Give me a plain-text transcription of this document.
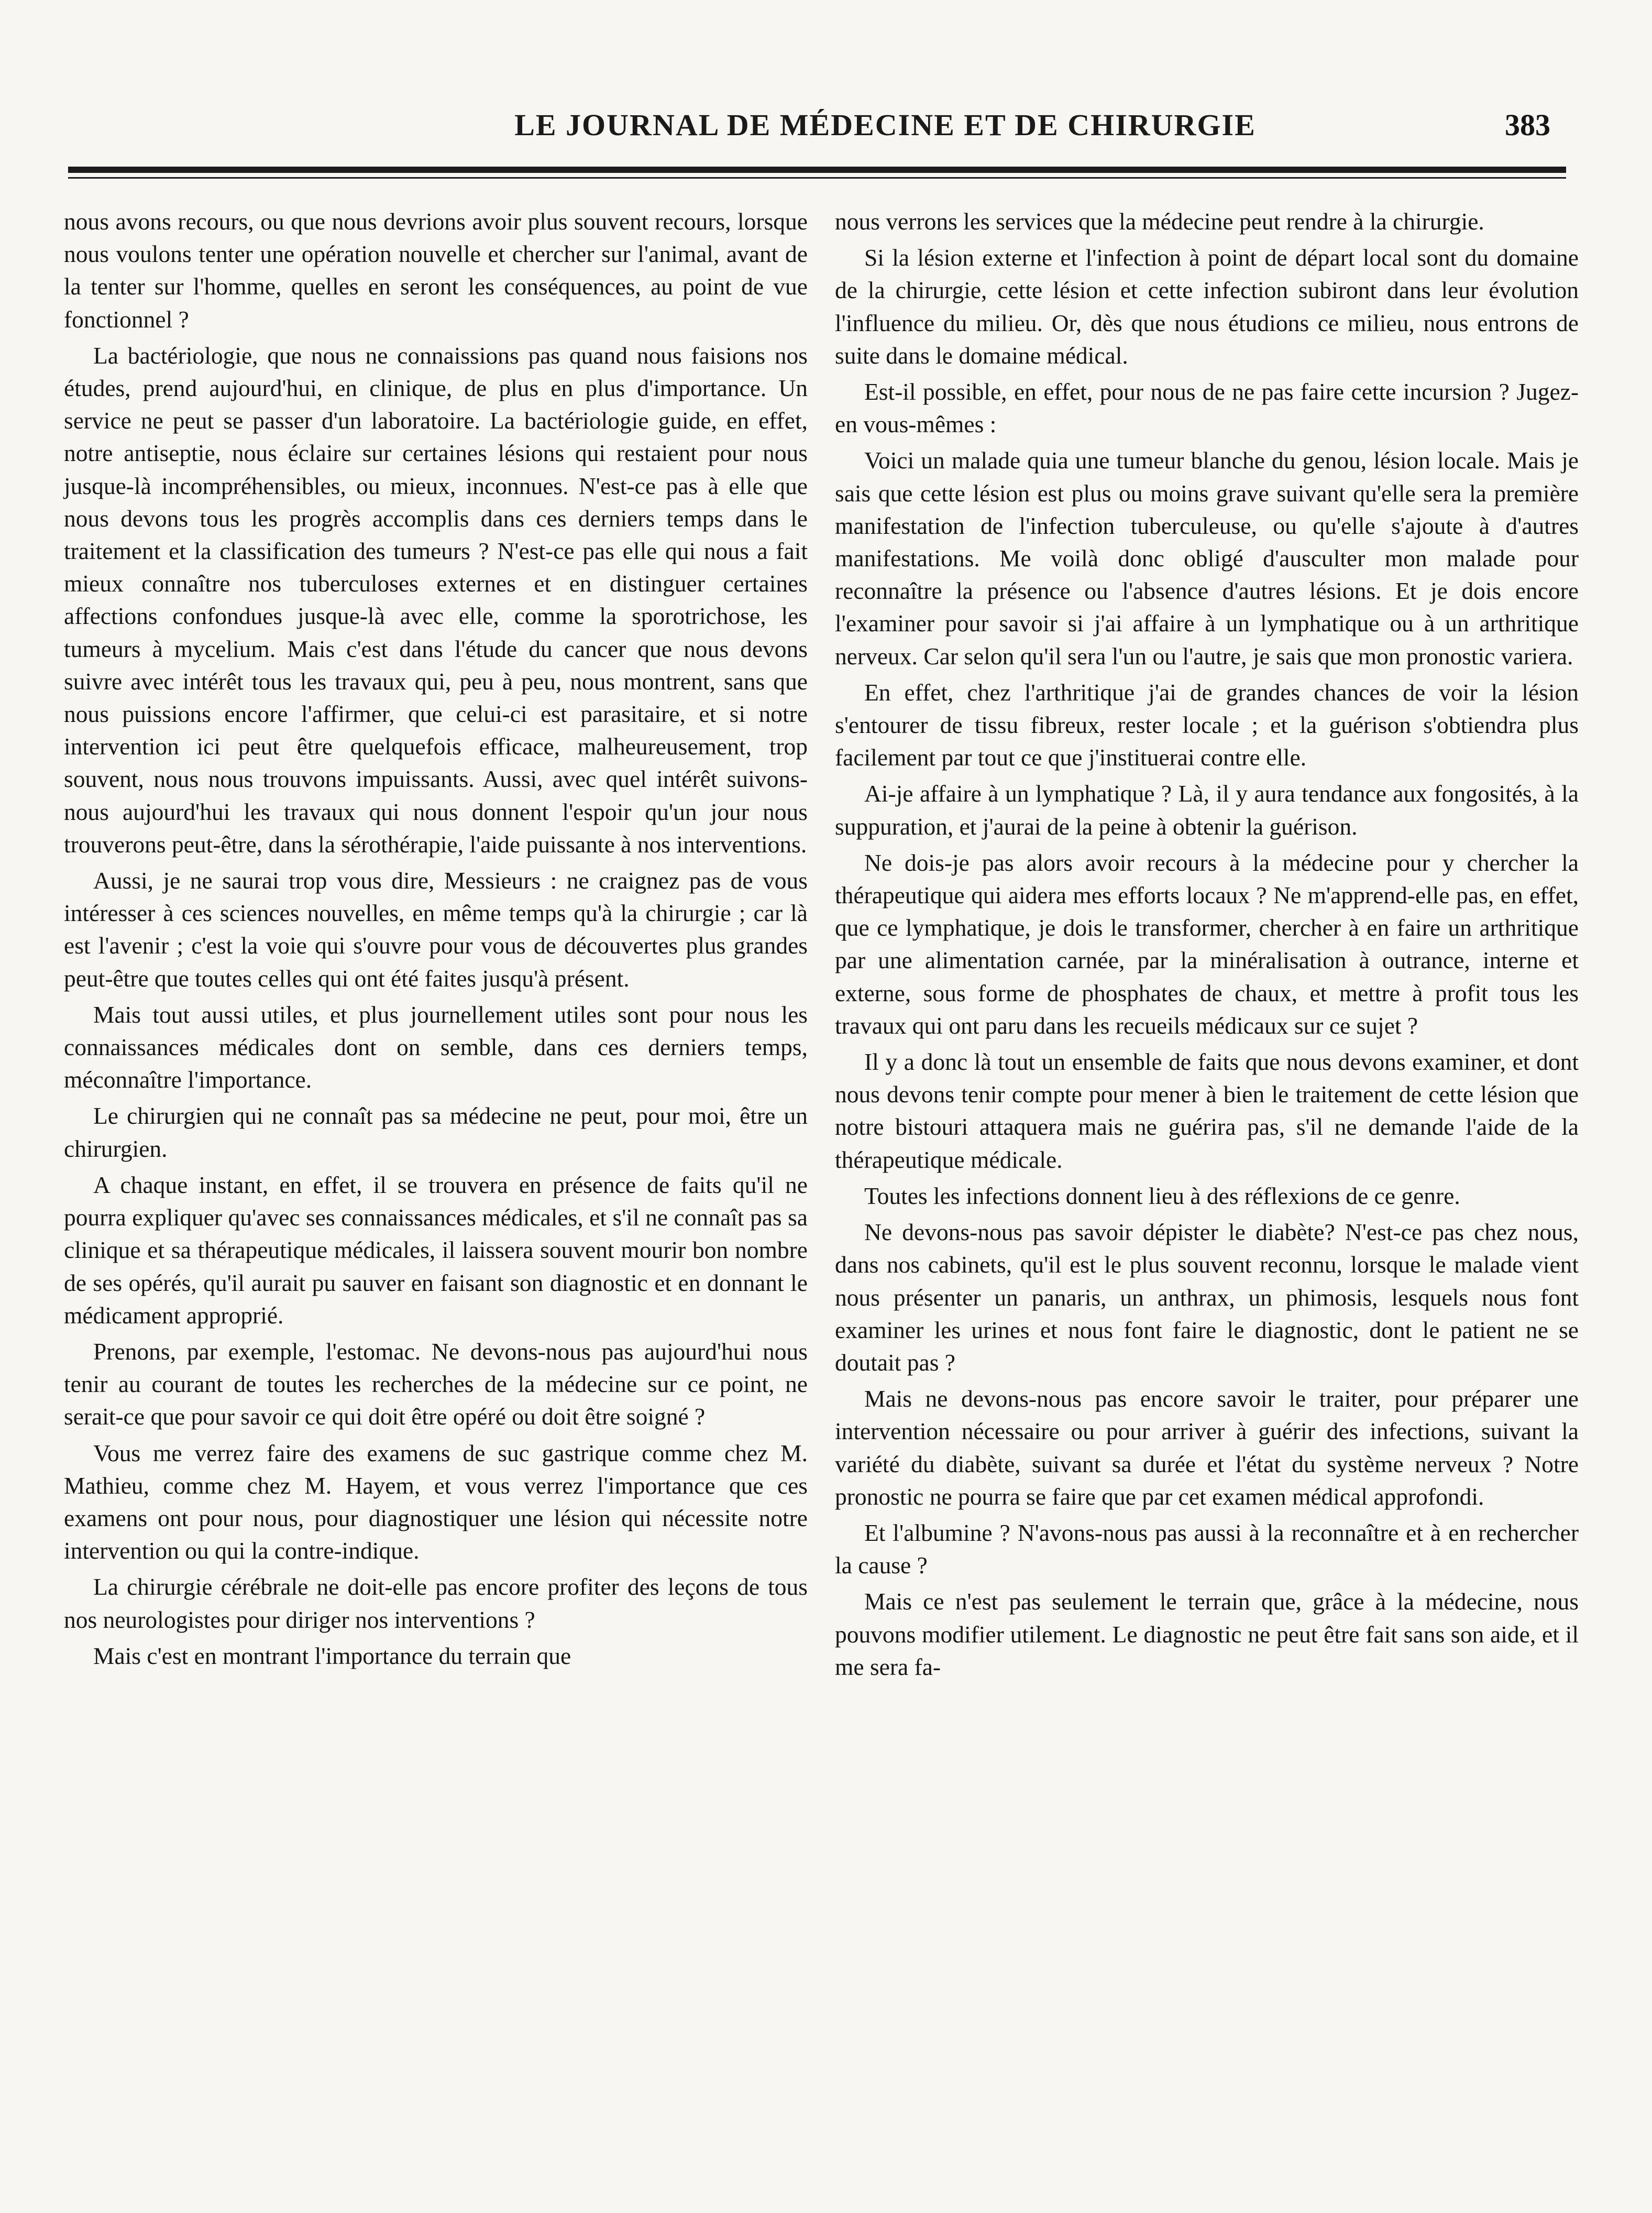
LE JOURNAL DE MÉDECINE ET DE CHIRURGIE	383

nous avons recours, ou que nous devrions avoir plus souvent recours, lorsque nous voulons tenter une opération nouvelle et chercher sur l'animal, avant de la tenter sur l'homme, quelles en seront les conséquences, au point de vue fonctionnel ?

La bactériologie, que nous ne connaissions pas quand nous faisions nos études, prend aujourd'hui, en clinique, de plus en plus d'importance. Un service ne peut se passer d'un laboratoire. La bactériologie guide, en effet, notre antiseptie, nous éclaire sur certaines lésions qui restaient pour nous jusque-là incompréhensibles, ou mieux, inconnues. N'est-ce pas à elle que nous devons tous les progrès accomplis dans ces derniers temps dans le traitement et la classification des tumeurs ? N'est-ce pas elle qui nous a fait mieux connaître nos tuberculoses externes et en distinguer certaines affections confondues jusque-là avec elle, comme la sporotrichose, les tumeurs à mycelium. Mais c'est dans l'étude du cancer que nous devons suivre avec intérêt tous les travaux qui, peu à peu, nous montrent, sans que nous puissions encore l'affirmer, que celui-ci est parasitaire, et si notre intervention ici peut être quelquefois efficace, malheureusement, trop souvent, nous nous trouvons impuissants. Aussi, avec quel intérêt suivons-nous aujourd'hui les travaux qui nous donnent l'espoir qu'un jour nous trouverons peut-être, dans la sérothérapie, l'aide puissante à nos interventions.

Aussi, je ne saurai trop vous dire, Messieurs : ne craignez pas de vous intéresser à ces sciences nouvelles, en même temps qu'à la chirurgie ; car là est l'avenir ; c'est la voie qui s'ouvre pour vous de découvertes plus grandes peut-être que toutes celles qui ont été faites jusqu'à présent.

Mais tout aussi utiles, et plus journellement utiles sont pour nous les connaissances médicales dont on semble, dans ces derniers temps, méconnaître l'importance.

Le chirurgien qui ne connaît pas sa médecine ne peut, pour moi, être un chirurgien.

A chaque instant, en effet, il se trouvera en présence de faits qu'il ne pourra expliquer qu'avec ses connaissances médicales, et s'il ne connaît pas sa clinique et sa thérapeutique médicales, il laissera souvent mourir bon nombre de ses opérés, qu'il aurait pu sauver en faisant son diagnostic et en donnant le médicament approprié.

Prenons, par exemple, l'estomac. Ne devons-nous pas aujourd'hui nous tenir au courant de toutes les recherches de la médecine sur ce point, ne serait-ce que pour savoir ce qui doit être opéré ou doit être soigné ?

Vous me verrez faire des examens de suc gastrique comme chez M. Mathieu, comme chez M. Hayem, et vous verrez l'importance que ces examens ont pour nous, pour diagnostiquer une lésion qui nécessite notre intervention ou qui la contre-indique.

La chirurgie cérébrale ne doit-elle pas encore profiter des leçons de tous nos neurologistes pour diriger nos interventions ?

Mais c'est en montrant l'importance du terrain que

nous verrons les services que la médecine peut rendre à la chirurgie.

Si la lésion externe et l'infection à point de départ local sont du domaine de la chirurgie, cette lésion et cette infection subiront dans leur évolution l'influence du milieu. Or, dès que nous étudions ce milieu, nous entrons de suite dans le domaine médical.

Est-il possible, en effet, pour nous de ne pas faire cette incursion ? Jugez-en vous-mêmes :

Voici un malade quia une tumeur blanche du genou, lésion locale. Mais je sais que cette lésion est plus ou moins grave suivant qu'elle sera la première manifestation de l'infection tuberculeuse, ou qu'elle s'ajoute à d'autres manifestations. Me voilà donc obligé d'ausculter mon malade pour reconnaître la présence ou l'absence d'autres lésions. Et je dois encore l'examiner pour savoir si j'ai affaire à un lymphatique ou à un arthritique nerveux. Car selon qu'il sera l'un ou l'autre, je sais que mon pronostic variera.

En effet, chez l'arthritique j'ai de grandes chances de voir la lésion s'entourer de tissu fibreux, rester locale ; et la guérison s'obtiendra plus facilement par tout ce que j'instituerai contre elle.

Ai-je affaire à un lymphatique ? Là, il y aura tendance aux fongosités, à la suppuration, et j'aurai de la peine à obtenir la guérison.

Ne dois-je pas alors avoir recours à la médecine pour y chercher la thérapeutique qui aidera mes efforts locaux ? Ne m'apprend-elle pas, en effet, que ce lymphatique, je dois le transformer, chercher à en faire un arthritique par une alimentation carnée, par la minéralisation à outrance, interne et externe, sous forme de phosphates de chaux, et mettre à profit tous les travaux qui ont paru dans les recueils médicaux sur ce sujet ?

Il y a donc là tout un ensemble de faits que nous devons examiner, et dont nous devons tenir compte pour mener à bien le traitement de cette lésion que notre bistouri attaquera mais ne guérira pas, s'il ne demande l'aide de la thérapeutique médicale.

Toutes les infections donnent lieu à des réflexions de ce genre.

Ne devons-nous pas savoir dépister le diabète? N'est-ce pas chez nous, dans nos cabinets, qu'il est le plus souvent reconnu, lorsque le malade vient nous présenter un panaris, un anthrax, un phimosis, lesquels nous font examiner les urines et nous font faire le diagnostic, dont le patient ne se doutait pas ?

Mais ne devons-nous pas encore savoir le traiter, pour préparer une intervention nécessaire ou pour arriver à guérir des infections, suivant la variété du diabète, suivant sa durée et l'état du système nerveux ? Notre pronostic ne pourra se faire que par cet examen médical approfondi.

Et l'albumine ? N'avons-nous pas aussi à la reconnaître et à en rechercher la cause ?

Mais ce n'est pas seulement le terrain que, grâce à la médecine, nous pouvons modifier utilement. Le diagnostic ne peut être fait sans son aide, et il me sera fa-
